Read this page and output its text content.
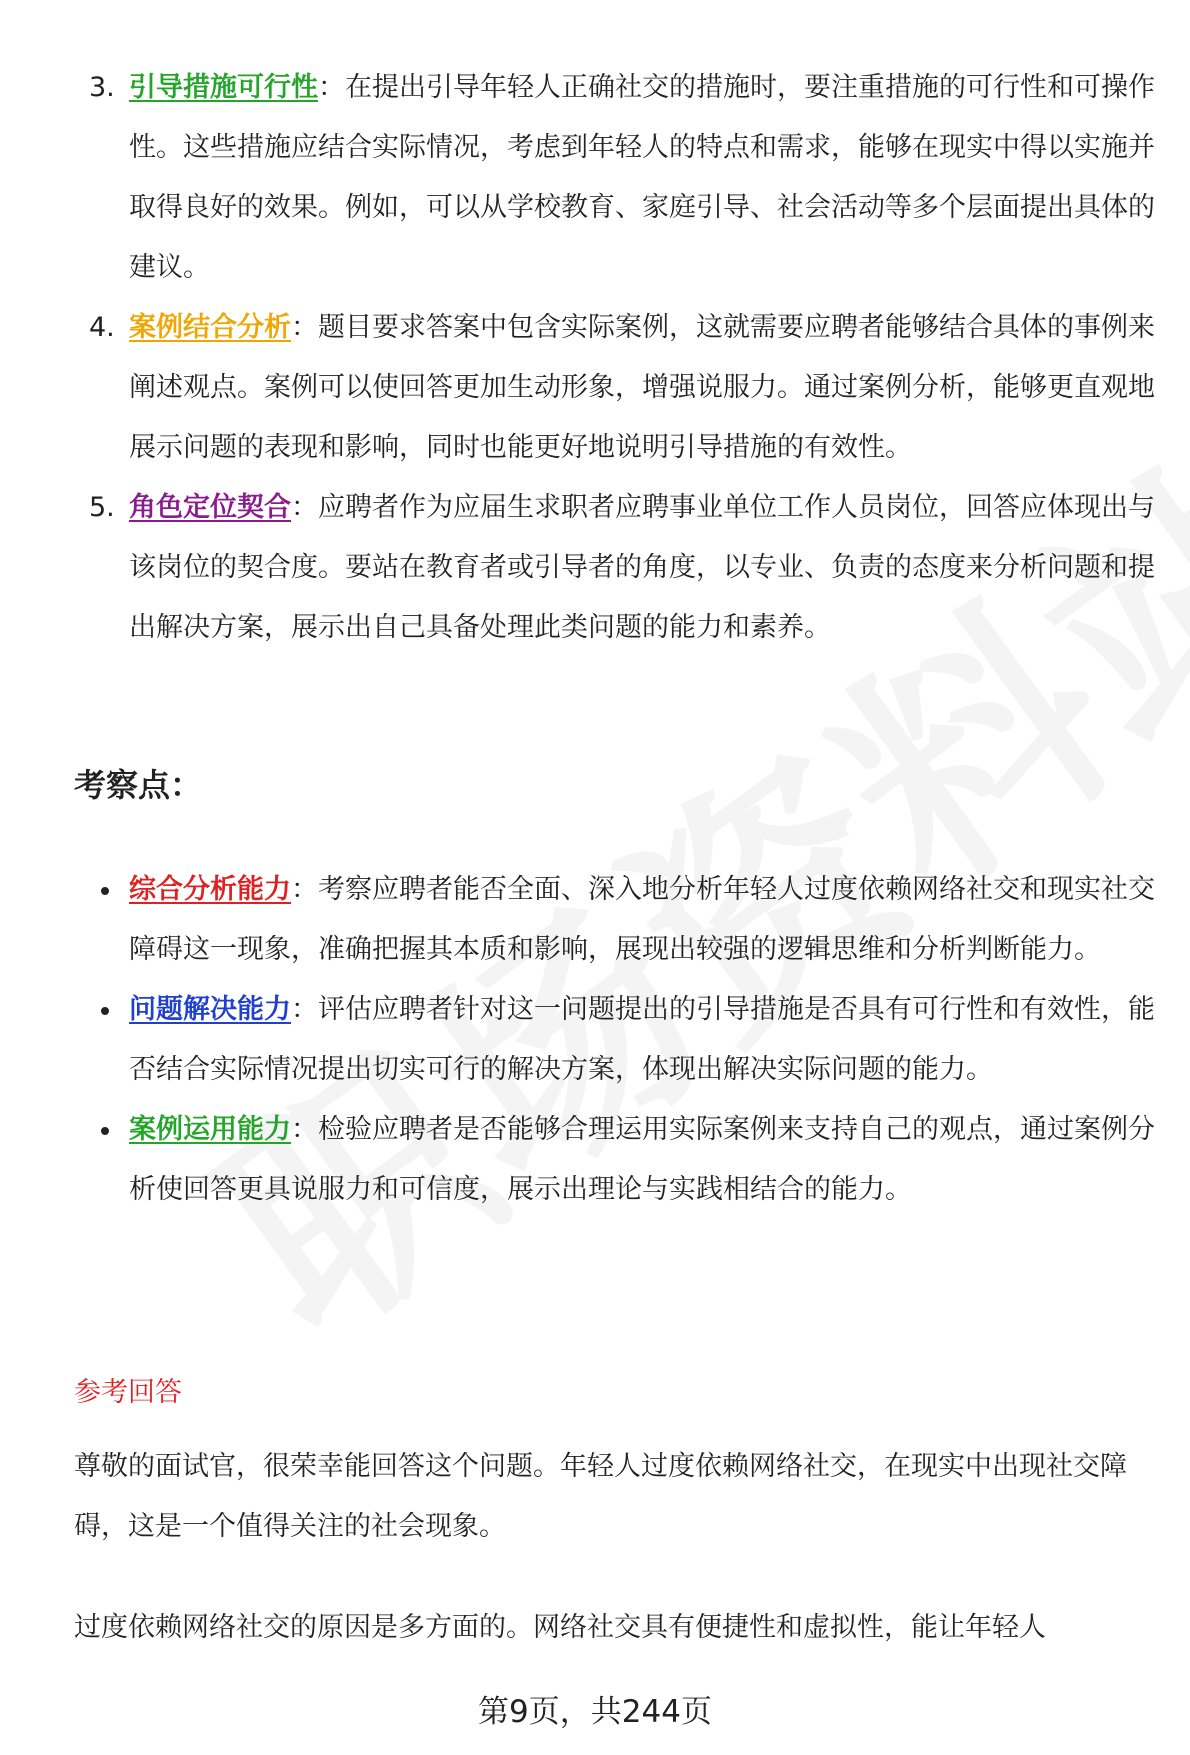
3. 引导措施可行性：在提出引导年轻人正确社交的措施时，要注重措施的可行性和可操作性。这些措施应结合实际情况，考虑到年轻人的特点和需求，能够在现实中得以实施并取得良好的效果。例如，可以从学校教育、家庭引导、社会活动等多个层面提出具体的建议。
4. 案例结合分析：题目要求答案中包含实际案例，这就需要应聘者能够结合具体的事例来阐述观点。案例可以使回答更加生动形象，增强说服力。通过案例分析，能够更直观地展示问题的表现和影响，同时也能更好地说明引导措施的有效性。
5. 角色定位契合：应聘者作为应届生求职者应聘事业单位工作人员岗位，回答应体现出与该岗位的契合度。要站在教育者或引导者的角度，以专业、负责的态度来分析问题和提出解决方案，展示出自己具备处理此类问题的能力和素养。
考察点：
综合分析能力：考察应聘者能否全面、深入地分析年轻人过度依赖网络社交和现实社交障碍这一现象，准确把握其本质和影响，展现出较强的逻辑思维和分析判断能力。
问题解决能力：评估应聘者针对这一问题提出的引导措施是否具有可行性和有效性，能否结合实际情况提出切实可行的解决方案，体现出解决实际问题的能力。
案例运用能力：检验应聘者是否能够合理运用实际案例来支持自己的观点，通过案例分析使回答更具说服力和可信度，展示出理论与实践相结合的能力。
参考回答

尊敬的面试官，很荣幸能回答这个问题。年轻人过度依赖网络社交，在现实中出现社交障碍，这是一个值得关注的社会现象。

过度依赖网络社交的原因是多方面的。网络社交具有便捷性和虚拟性，能让年轻人

第9页，共244页
